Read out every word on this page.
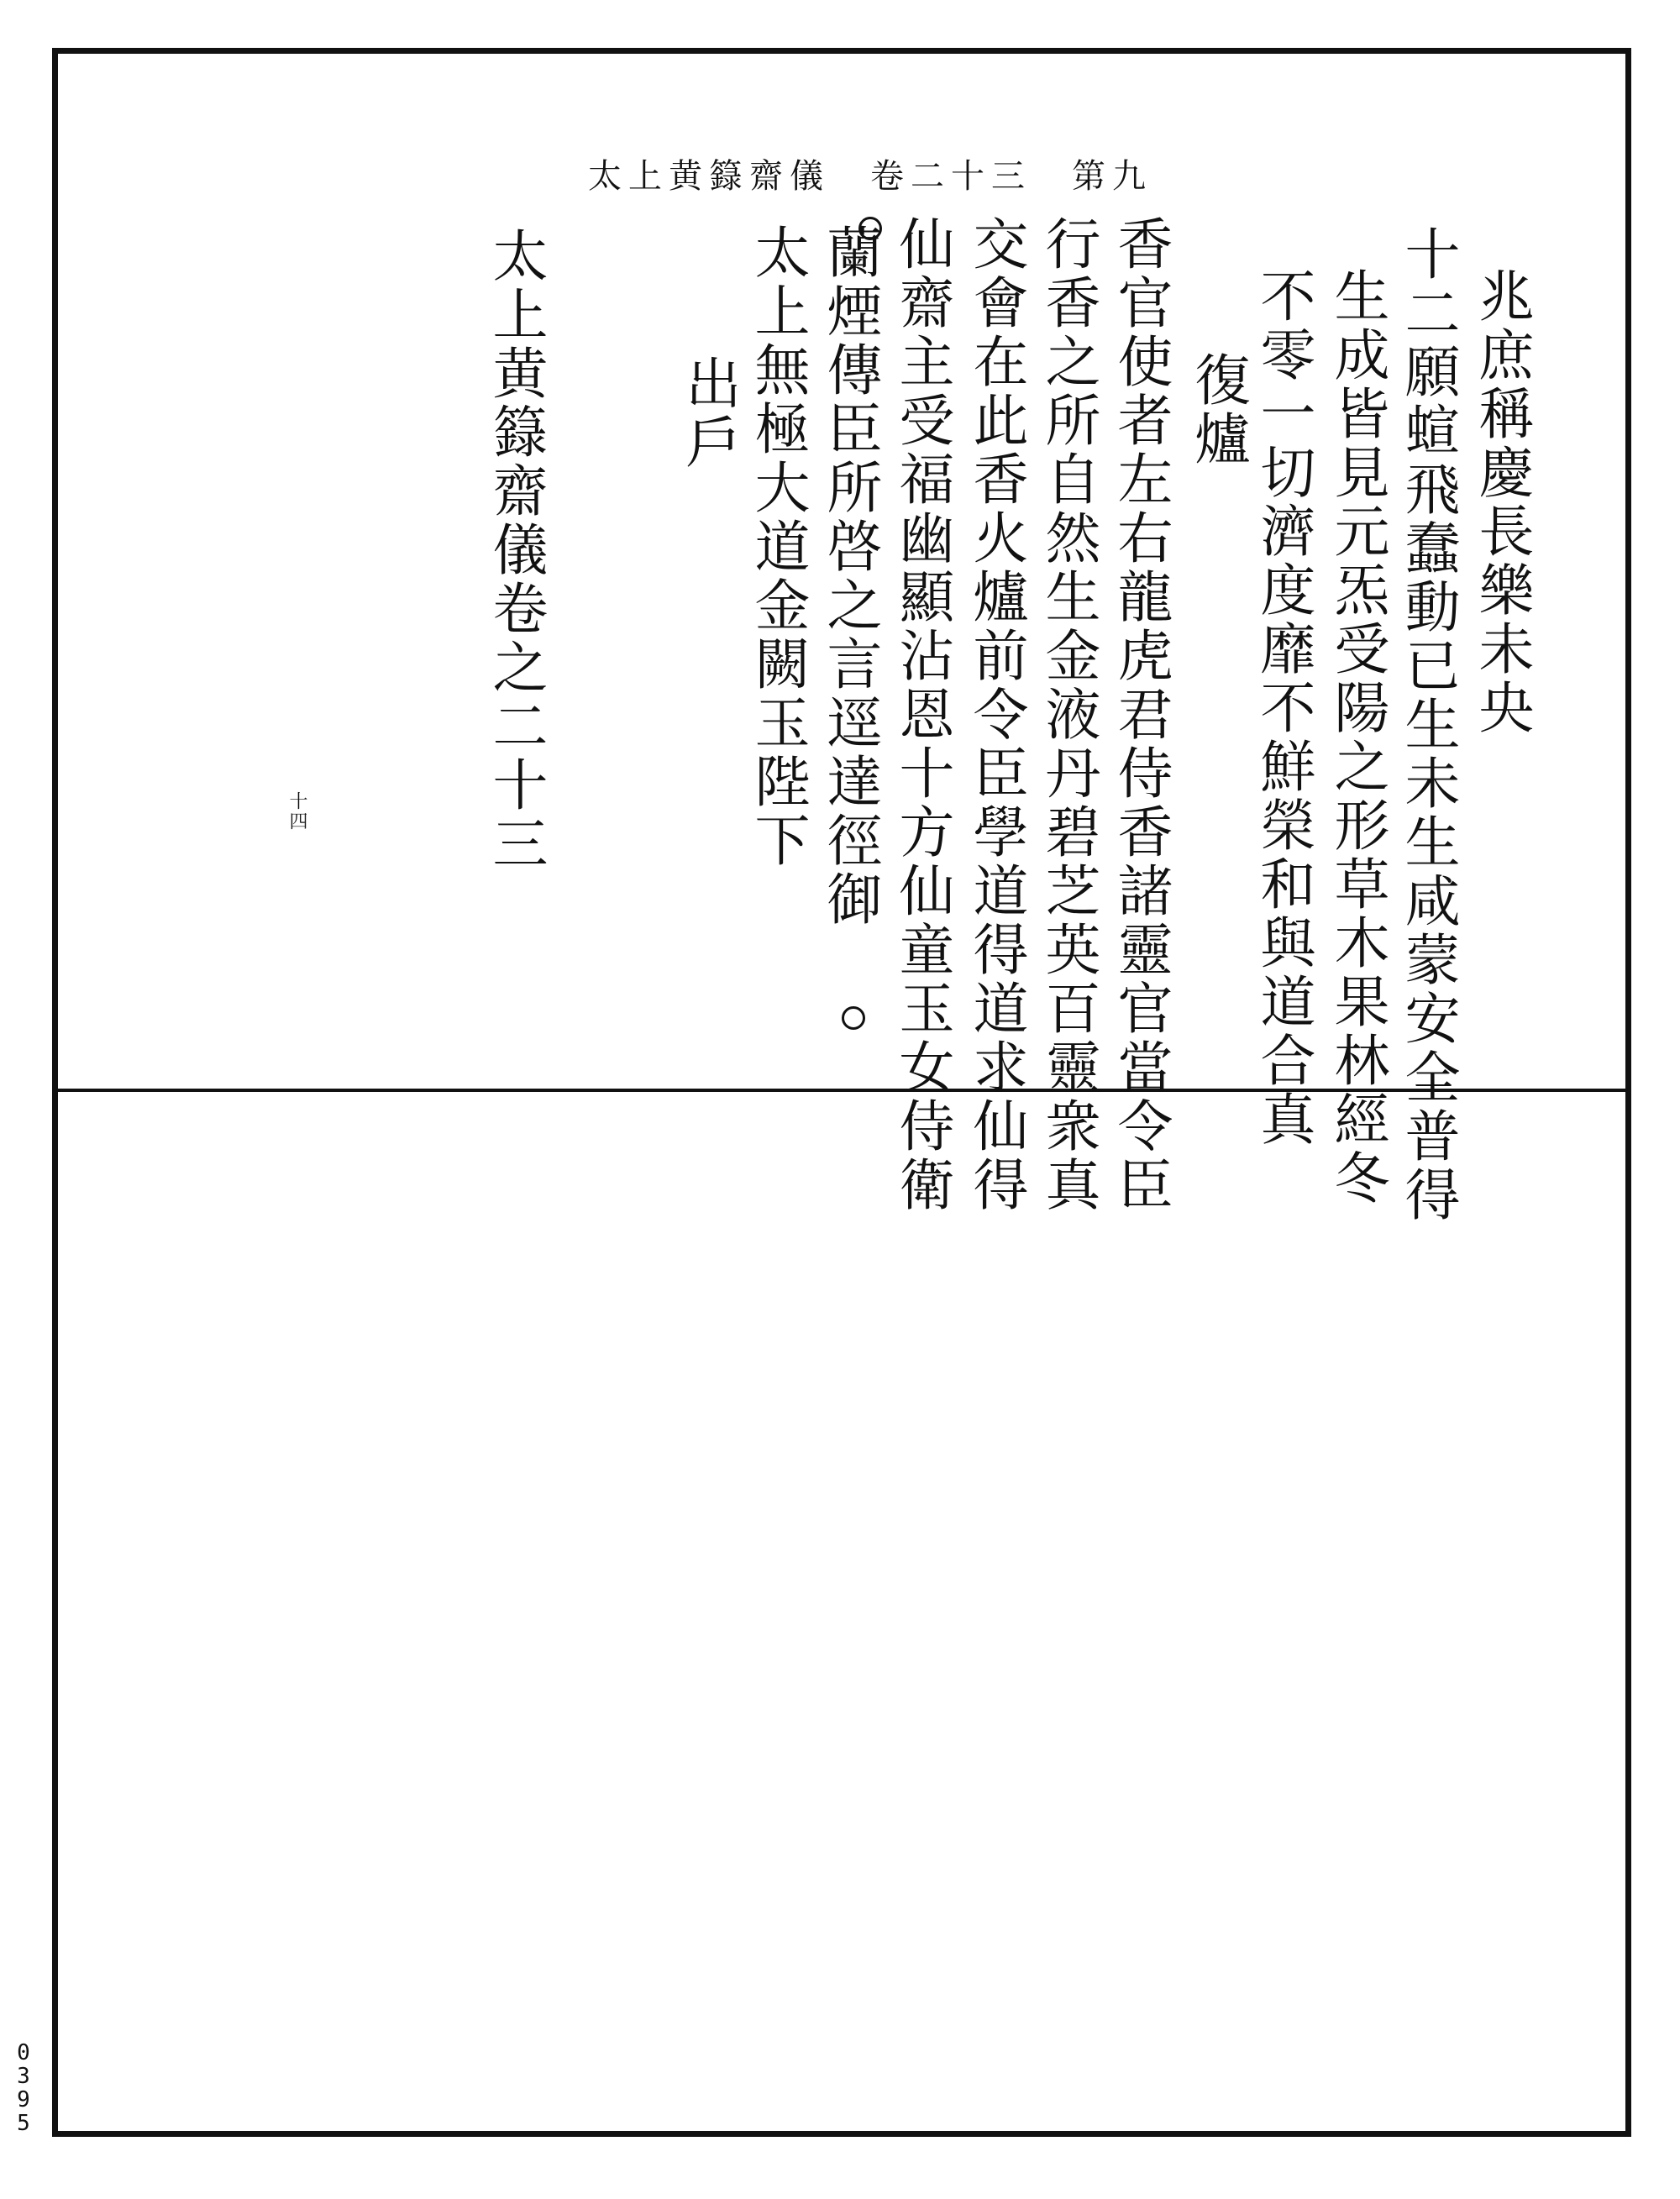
太上黄籙齋儀　卷二十三　第九
兆庶稱慶長樂未央
十二願蝖飛蠢動已生未生咸蒙安全普得
生成皆見元炁受陽之形草木果林經冬
不零一切濟度靡不鮮榮和與道合真
復爐
香官使者左右龍虎君侍香諸靈官當令臣
行香之所自然生金液丹碧芝英百靈衆真
交會在此香火爐前令臣學道得道求仙得
仙齋主受福幽顯沾恩十方仙童玉女侍衛
蘭煙傳臣所啓之言逕達徑御
太上無極大道金闕玉陛下
出戶
太上黄籙齋儀卷之二十三
十四
0
3
9
5
